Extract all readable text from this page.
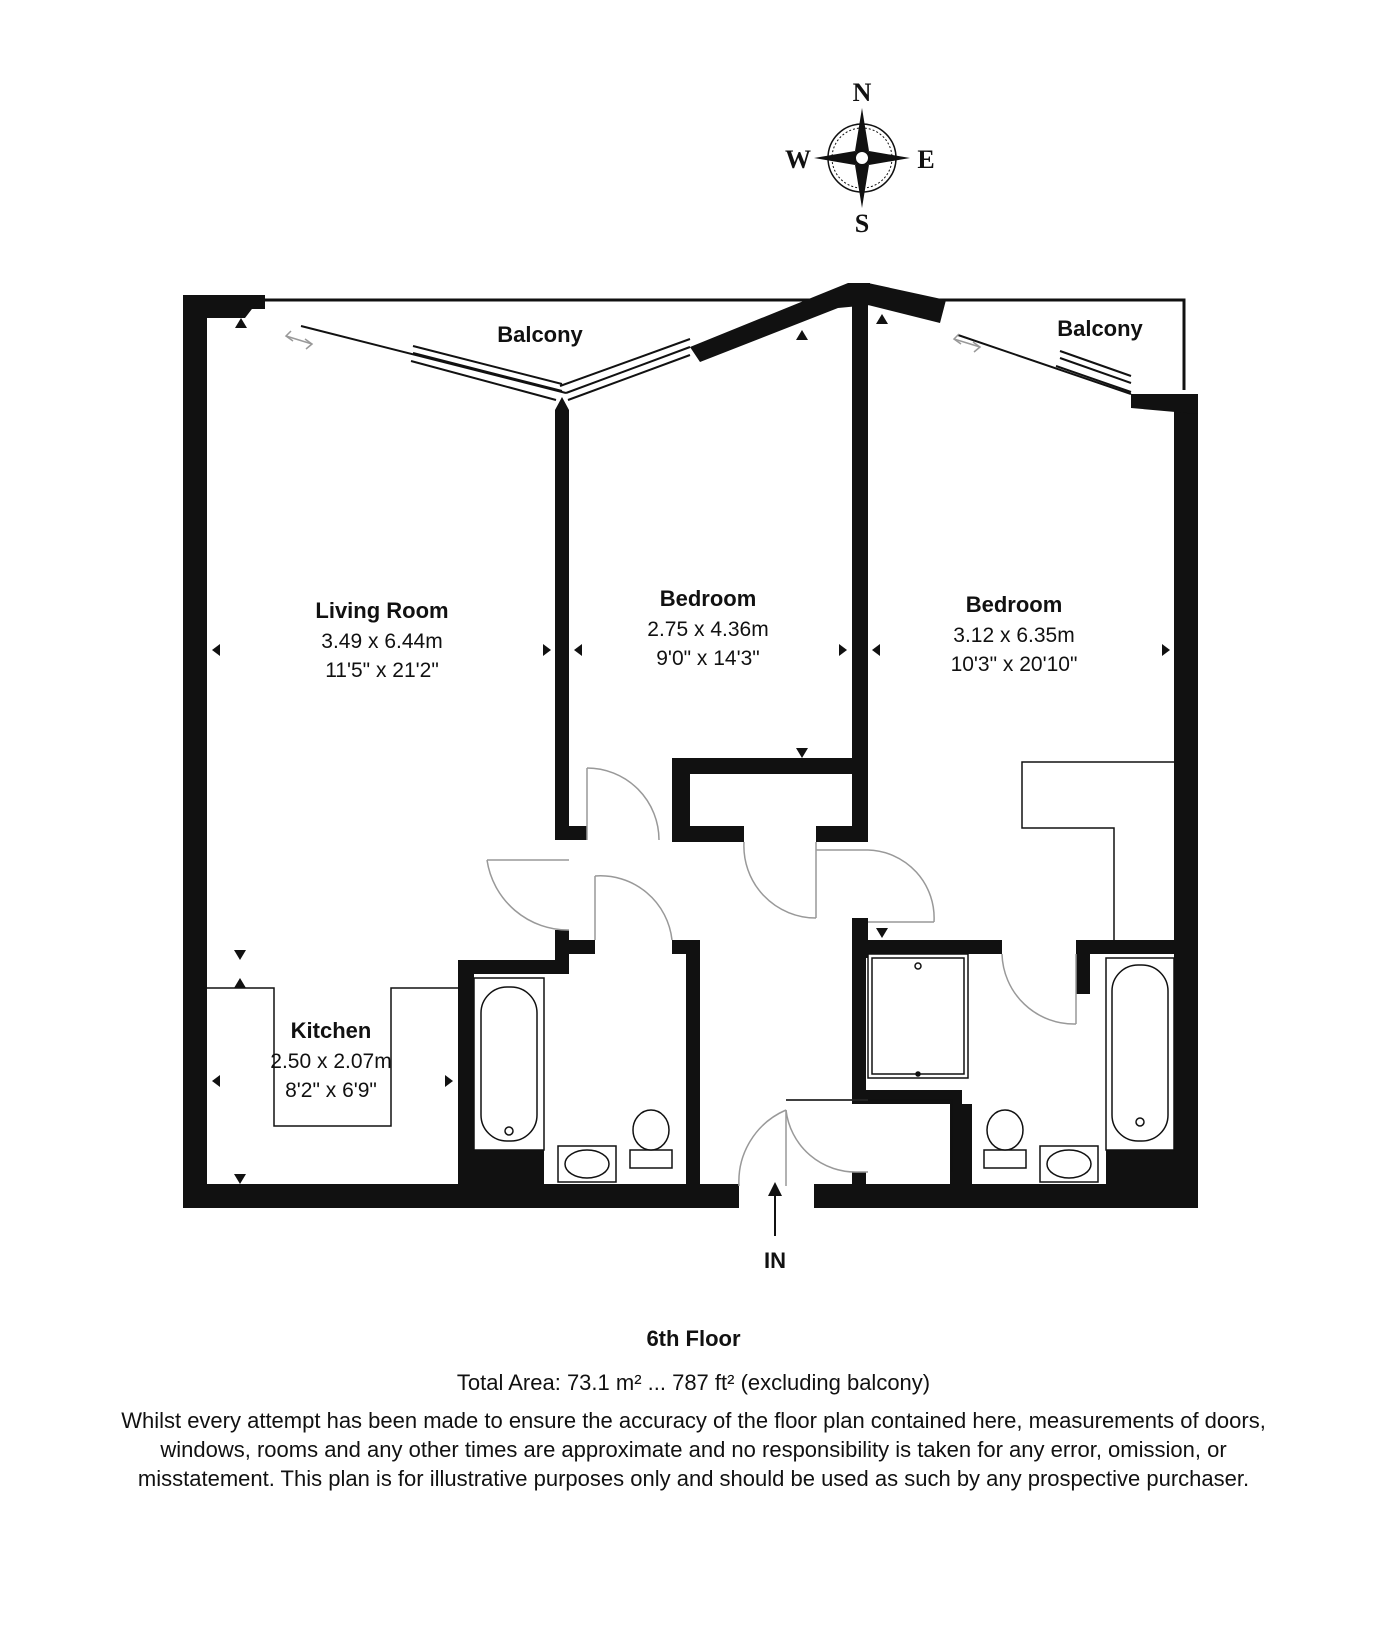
N
S
E
W
IN
Balcony	Balcony
Living Room
3.49 x 6.44m
11'5" x 21'2"
Bedroom
2.75 x 4.36m
9'0" x 14'3"
Bedroom
3.12 x 6.35m
10'3" x 20'10"
Kitchen
2.50 x 2.07m
8'2" x 6'9"
6th Floor
Total Area: 73.1 m² ... 787 ft² (excluding balcony)
Whilst every attempt has been made to ensure the accuracy of the floor plan contained here, measurements of doors, windows, rooms and any other times are approximate and no responsibility is taken for any error, omission, or misstatement. This plan is for illustrative purposes only and should be used as such by any prospective purchaser.
